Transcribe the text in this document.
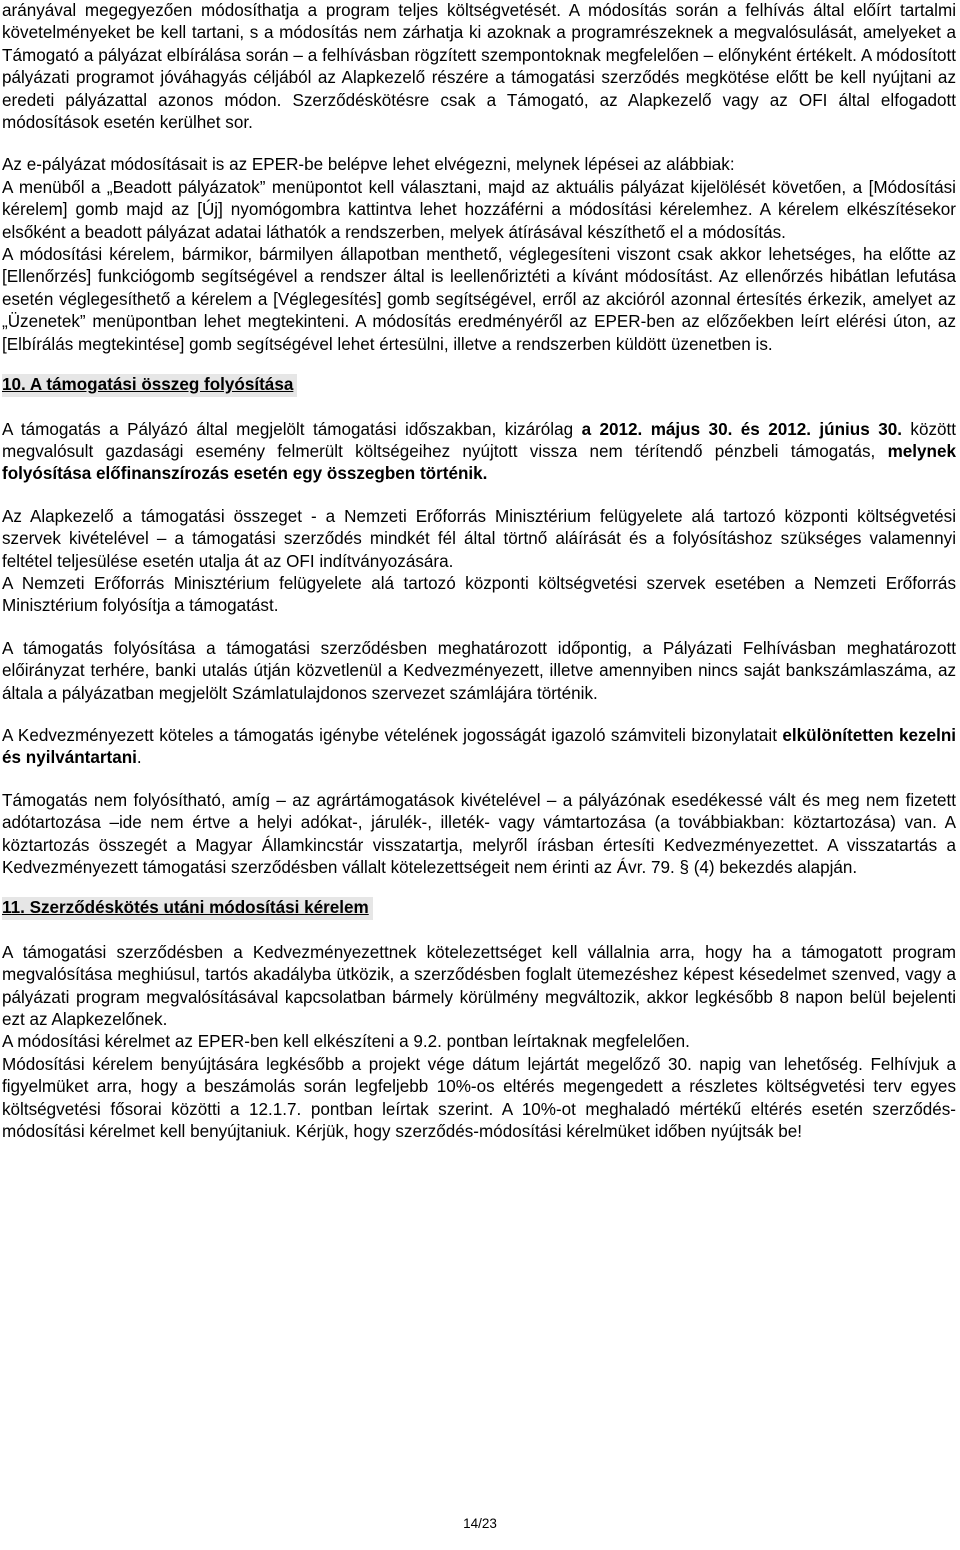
arányával megegyezően módosíthatja a program teljes költségvetését. A módosítás során a felhívás által előírt tartalmi követelményeket be kell tartani, s a módosítás nem zárhatja ki azoknak a programrészeknek a megvalósulását, amelyeket a Támogató a pályázat elbírálása során – a felhívásban rögzített szempontoknak megfelelően – előnyként értékelt. A módosított pályázati programot jóváhagyás céljából az Alapkezelő részére a támogatási szerződés megkötése előtt be kell nyújtani az eredeti pályázattal azonos módon. Szerződéskötésre csak a Támogató, az Alapkezelő vagy az OFI által elfogadott módosítások esetén kerülhet sor.

Az e-pályázat módosításait is az EPER-be belépve lehet elvégezni, melynek lépései az alábbiak:

A menüből a „Beadott pályázatok” menüpontot kell választani, majd az aktuális pályázat kijelölését követően, a [Módosítási kérelem] gomb majd az [Új] nyomógombra kattintva lehet hozzáférni a módosítási kérelemhez. A kérelem elkészítésekor elsőként a beadott pályázat adatai láthatók a rendszerben, melyek átírásával készíthető el a módosítás.

A módosítási kérelem, bármikor, bármilyen állapotban menthető, véglegesíteni viszont csak akkor lehetséges, ha előtte az [Ellenőrzés] funkciógomb segítségével a rendszer által is leellenőriztéti a kívánt módosítást. Az ellenőrzés hibátlan lefutása esetén véglegesíthető a kérelem a [Véglegesítés] gomb segítségével, erről az akcióról azonnal értesítés érkezik, amelyet az „Üzenetek” menüpontban lehet megtekinteni. A módosítás eredményéről az EPER-ben az előzőekben leírt elérési úton, az [Elbírálás megtekintése] gomb segítségével lehet értesülni, illetve a rendszerben küldött üzenetben is.

10. A támogatási összeg folyósítása

A támogatás a Pályázó által megjelölt támogatási időszakban, kizárólag a 2012. május 30. és 2012. június 30. között megvalósult gazdasági esemény felmerült költségeihez nyújtott vissza nem térítendő pénzbeli támogatás, melynek folyósítása előfinanszírozás esetén egy összegben történik.

Az Alapkezelő a támogatási összeget - a Nemzeti Erőforrás Minisztérium felügyelete alá tartozó központi költségvetési szervek kivételével – a támogatási szerződés mindkét fél által törtnő aláírását és a folyósításhoz szükséges valamennyi feltétel teljesülése esetén utalja át az OFI indítványozására.

A Nemzeti Erőforrás Minisztérium felügyelete alá tartozó központi költségvetési szervek esetében a Nemzeti Erőforrás Minisztérium folyósítja a támogatást.

A támogatás folyósítása a támogatási szerződésben meghatározott időpontig, a Pályázati Felhívásban meghatározott előirányzat terhére, banki utalás útján közvetlenül a Kedvezményezett, illetve amennyiben nincs saját bankszámlaszáma, az általa a pályázatban megjelölt Számlatulajdonos szervezet számlájára történik.

A Kedvezményezett köteles a támogatás igénybe vételének jogosságát igazoló számviteli bizonylatait elkülönítetten kezelni és nyilvántartani.

Támogatás nem folyósítható, amíg – az agrártámogatások kivételével – a pályázónak esedékessé vált és meg nem fizetett adótartozása –ide nem értve a helyi adókat-, járulék-, illeték- vagy vámtartozása (a továbbiakban: köztartozása) van. A köztartozás összegét a Magyar Államkincstár visszatartja, melyről írásban értesíti Kedvezményezettet. A visszatartás a Kedvezményezett támogatási szerződésben vállalt kötelezettségeit nem érinti az Ávr. 79. § (4) bekezdés alapján.

11. Szerződéskötés utáni módosítási kérelem

A támogatási szerződésben a Kedvezményezettnek kötelezettséget kell vállalnia arra, hogy ha a támogatott program megvalósítása meghiúsul, tartós akadályba ütközik, a szerződésben foglalt ütemezéshez képest késedelmet szenved, vagy a pályázati program megvalósításával kapcsolatban bármely körülmény megváltozik, akkor legkésőbb 8 napon belül bejelenti ezt az Alapkezelőnek.

A módosítási kérelmet az EPER-ben kell elkészíteni a 9.2. pontban leírtaknak megfelelően.

Módosítási kérelem benyújtására legkésőbb a projekt vége dátum lejártát megelőző 30. napig van lehetőség. Felhívjuk a figyelmüket arra, hogy a beszámolás során legfeljebb 10%-os eltérés megengedett a részletes költségvetési terv egyes költségvetési fősorai közötti a 12.1.7. pontban leírtak szerint. A 10%-ot meghaladó mértékű eltérés esetén szerződés-módosítási kérelmet kell benyújtaniuk. Kérjük, hogy szerződés-módosítási kérelmüket időben nyújtsák be!

14/23
